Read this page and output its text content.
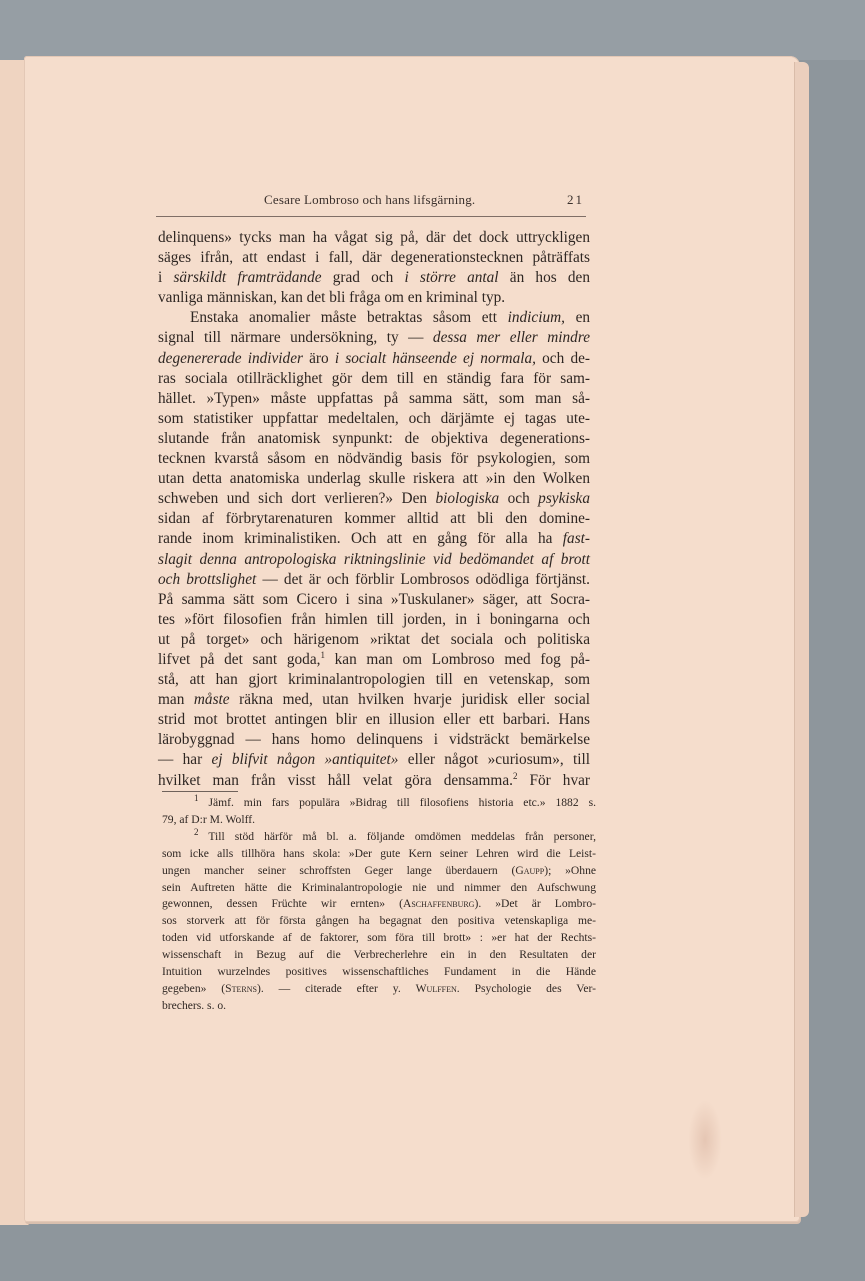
Cesare Lombroso och hans lifsgärning.	21
delinquens» tycks man ha vågat sig på, där det dock uttryckligen
säges ifrån, att endast i fall, där degenerationstecknen påträffats
i särskildt framträdande grad och i större antal än hos den
vanliga människan, kan det bli fråga om en kriminal typ.
Enstaka anomalier måste betraktas såsom ett indicium, en
signal till närmare undersökning, ty — dessa mer eller mindre
degenererade individer äro i socialt hänseende ej normala, och de-
ras sociala otillräcklighet gör dem till en ständig fara för sam-
hället. »Typen» måste uppfattas på samma sätt, som man så-
som statistiker uppfattar medeltalen, och därjämte ej tagas ute-
slutande från anatomisk synpunkt: de objektiva degenerations-
tecknen kvarstå såsom en nödvändig basis för psykologien, som
utan detta anatomiska underlag skulle riskera att »in den Wolken
schweben und sich dort verlieren?» Den biologiska och psykiska
sidan af förbrytarenaturen kommer alltid att bli den domine-
rande inom kriminalistiken. Och att en gång för alla ha fast-
slagit denna antropologiska riktningslinie vid bedömandet af brott
och brottslighet — det är och förblir Lombrosos odödliga förtjänst.
På samma sätt som Cicero i sina »Tuskulaner» säger, att Socra-
tes »fört filosofien från himlen till jorden, in i boningarna och
ut på torget» och härigenom »riktat det sociala och politiska
lifvet på det sant goda,$^1$ kan man om Lombroso med fog på-
stå, att han gjort kriminalantropologien till en vetenskap, som
man måste räkna med, utan hvilken hvarje juridisk eller social
strid mot brottet antingen blir en illusion eller ett barbari. Hans
lärobyggnad — hans homo delinquens i vidsträckt bemärkelse
— har ej blifvit någon »antiquitet» eller något »curiosum», till
hvilket man från visst håll velat göra densamma.$^2$ För hvar
$^1$ Jämf. min fars populära »Bidrag till filosofiens historia etc.» 1882 s.
79, af D:r M. Wolff.
$^2$ Till stöd härför må bl. a. följande omdömen meddelas från personer,
som icke alls tillhöra hans skola: »Der gute Kern seiner Lehren wird die Leist-
ungen mancher seiner schroffsten Geger lange überdauern (Gaupp); »Ohne
sein Auftreten hätte die Kriminalantropologie nie und nimmer den Aufschwung
gewonnen, dessen Früchte wir ernten» (Aschaffenburg). »Det är Lombro-
sos storverk att för första gången ha begagnat den positiva vetenskapliga me-
toden vid utforskande af de faktorer, som föra till brott» : »er hat der Rechts-
wissenschaft in Bezug auf die Verbrecherlehre ein in den Resultaten der
Intuition wurzelndes positives wissenschaftliches Fundament in die Hände
gegeben» (Sterns). — citerade efter y. Wulffen. Psychologie des Ver-
brechers. s. o.
